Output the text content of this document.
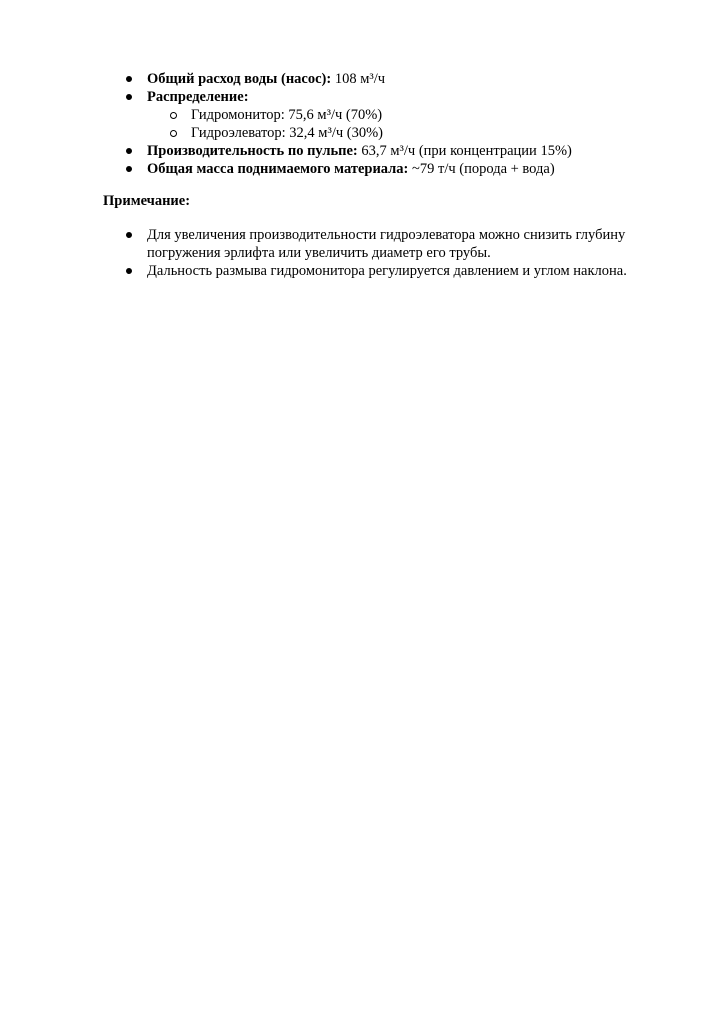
Общий расход воды (насос): 108 м³/ч
Распределение:
Гидромонитор: 75,6 м³/ч (70%)
Гидроэлеватор: 32,4 м³/ч (30%)
Производительность по пульпе: 63,7 м³/ч (при концентрации 15%)
Общая масса поднимаемого материала: ~79 т/ч (порода + вода)
Примечание:
Для увеличения производительности гидроэлеватора можно снизить глубину
погружения эрлифта или увеличить диаметр его трубы.
Дальность размыва гидромонитора регулируется давлением и углом наклона.
